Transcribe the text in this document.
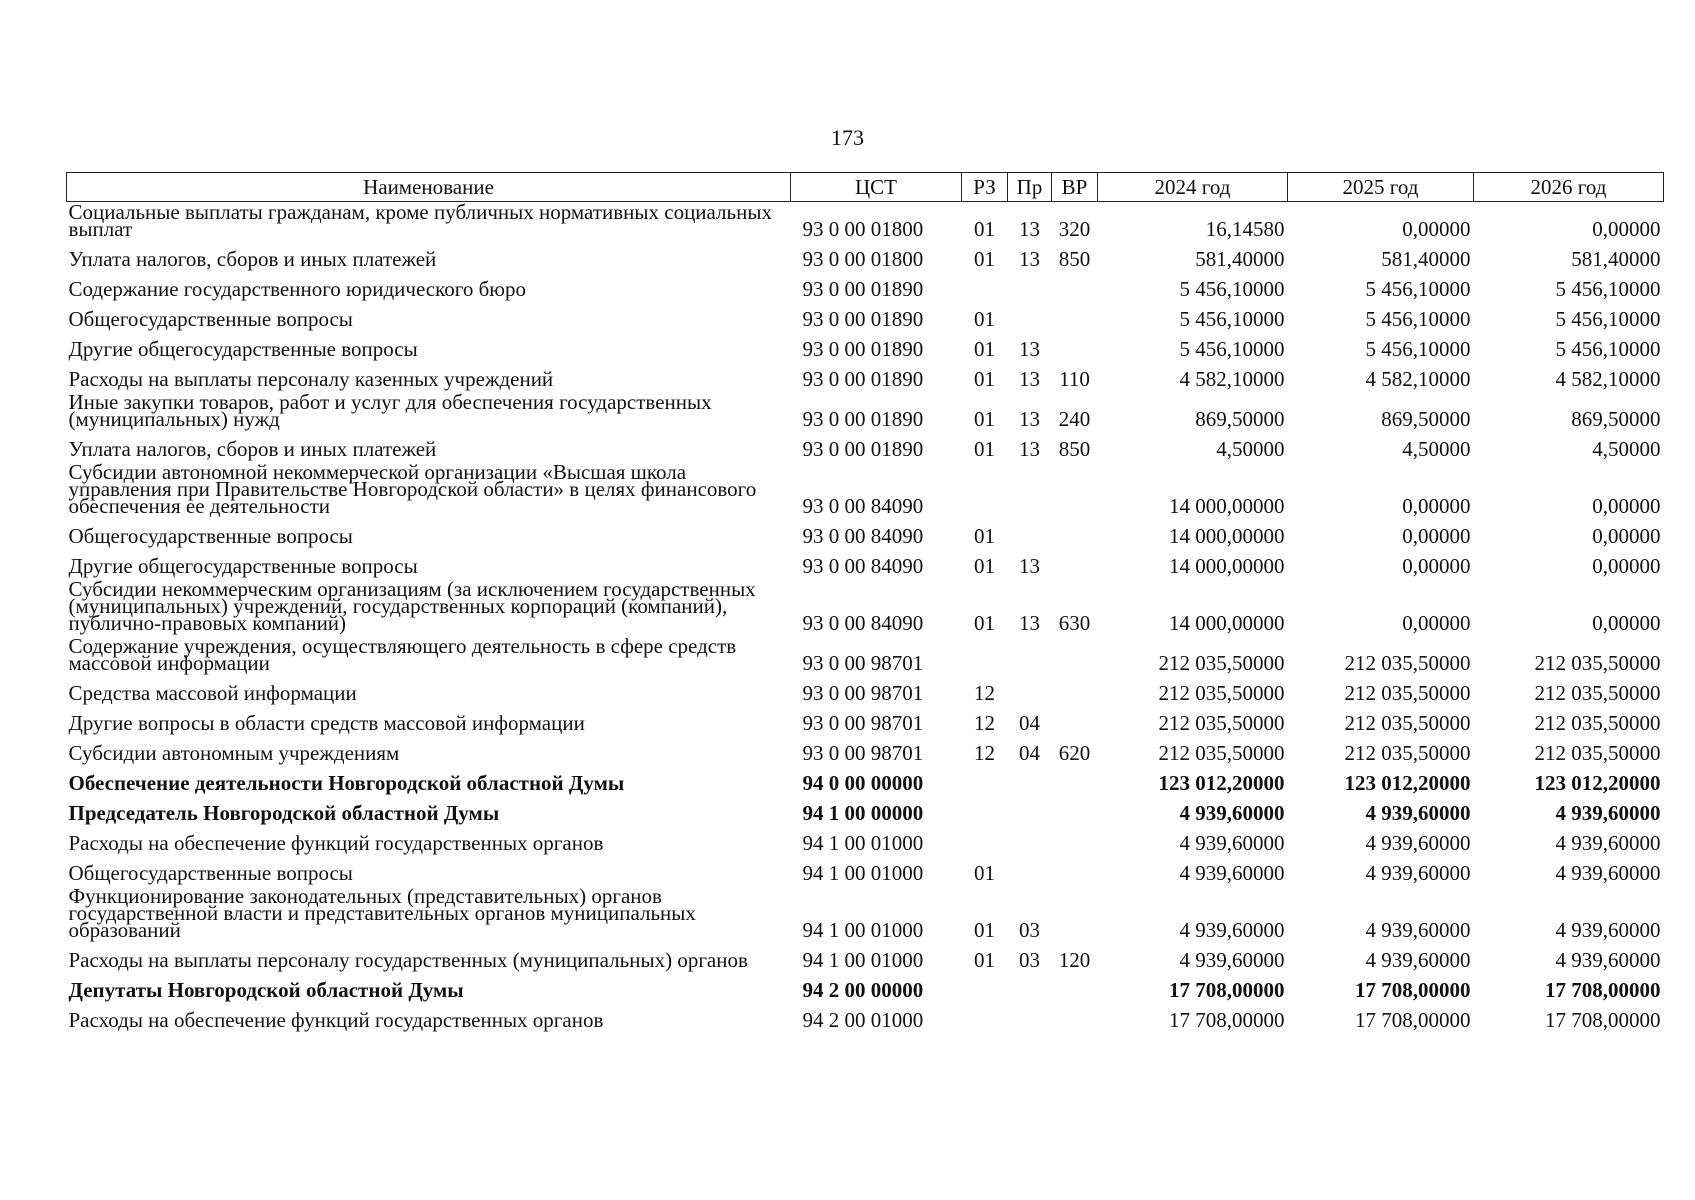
173
Наименование	ЦСТ	РЗ	Пр	ВР	2024 год	2025 год	2026 год
Социальные выплаты гражданам, кроме публичных нормативных социальных выплат	93 0 00 01800	01	13	320	16,14580	0,00000	0,00000
Уплата налогов, сборов и иных платежей	93 0 00 01800	01	13	850	581,40000	581,40000	581,40000
Содержание государственного юридического бюро	93 0 00 01890				5 456,10000	5 456,10000	5 456,10000
Общегосударственные вопросы	93 0 00 01890	01			5 456,10000	5 456,10000	5 456,10000
Другие общегосударственные вопросы	93 0 00 01890	01	13		5 456,10000	5 456,10000	5 456,10000
Расходы на выплаты персоналу казенных учреждений	93 0 00 01890	01	13	110	4 582,10000	4 582,10000	4 582,10000
Иные закупки товаров, работ и услуг для обеспечения государственных (муниципальных) нужд	93 0 00 01890	01	13	240	869,50000	869,50000	869,50000
Уплата налогов, сборов и иных платежей	93 0 00 01890	01	13	850	4,50000	4,50000	4,50000
Субсидии автономной некоммерческой организации «Высшая школа управления при Правительстве Новгородской области» в целях финансового обеспечения ее деятельности	93 0 00 84090				14 000,00000	0,00000	0,00000
Общегосударственные вопросы	93 0 00 84090	01			14 000,00000	0,00000	0,00000
Другие общегосударственные вопросы	93 0 00 84090	01	13		14 000,00000	0,00000	0,00000
Субсидии некоммерческим организациям (за исключением государственных (муниципальных) учреждений, государственных корпораций (компаний), публично-правовых компаний)	93 0 00 84090	01	13	630	14 000,00000	0,00000	0,00000
Содержание учреждения, осуществляющего деятельность в сфере средств массовой информации	93 0 00 98701				212 035,50000	212 035,50000	212 035,50000
Средства массовой информации	93 0 00 98701	12			212 035,50000	212 035,50000	212 035,50000
Другие вопросы в области средств массовой информации	93 0 00 98701	12	04		212 035,50000	212 035,50000	212 035,50000
Субсидии автономным учреждениям	93 0 00 98701	12	04	620	212 035,50000	212 035,50000	212 035,50000
Обеспечение деятельности Новгородской областной Думы	94 0 00 00000				123 012,20000	123 012,20000	123 012,20000
Председатель Новгородской областной Думы	94 1 00 00000				4 939,60000	4 939,60000	4 939,60000
Расходы на обеспечение функций государственных органов	94 1 00 01000				4 939,60000	4 939,60000	4 939,60000
Общегосударственные вопросы	94 1 00 01000	01			4 939,60000	4 939,60000	4 939,60000
Функционирование законодательных (представительных) органов государственной власти и представительных органов муниципальных образований	94 1 00 01000	01	03		4 939,60000	4 939,60000	4 939,60000
Расходы на выплаты персоналу государственных (муниципальных) органов	94 1 00 01000	01	03	120	4 939,60000	4 939,60000	4 939,60000
Депутаты Новгородской областной Думы	94 2 00 00000				17 708,00000	17 708,00000	17 708,00000
Расходы на обеспечение функций государственных органов	94 2 00 01000				17 708,00000	17 708,00000	17 708,00000
